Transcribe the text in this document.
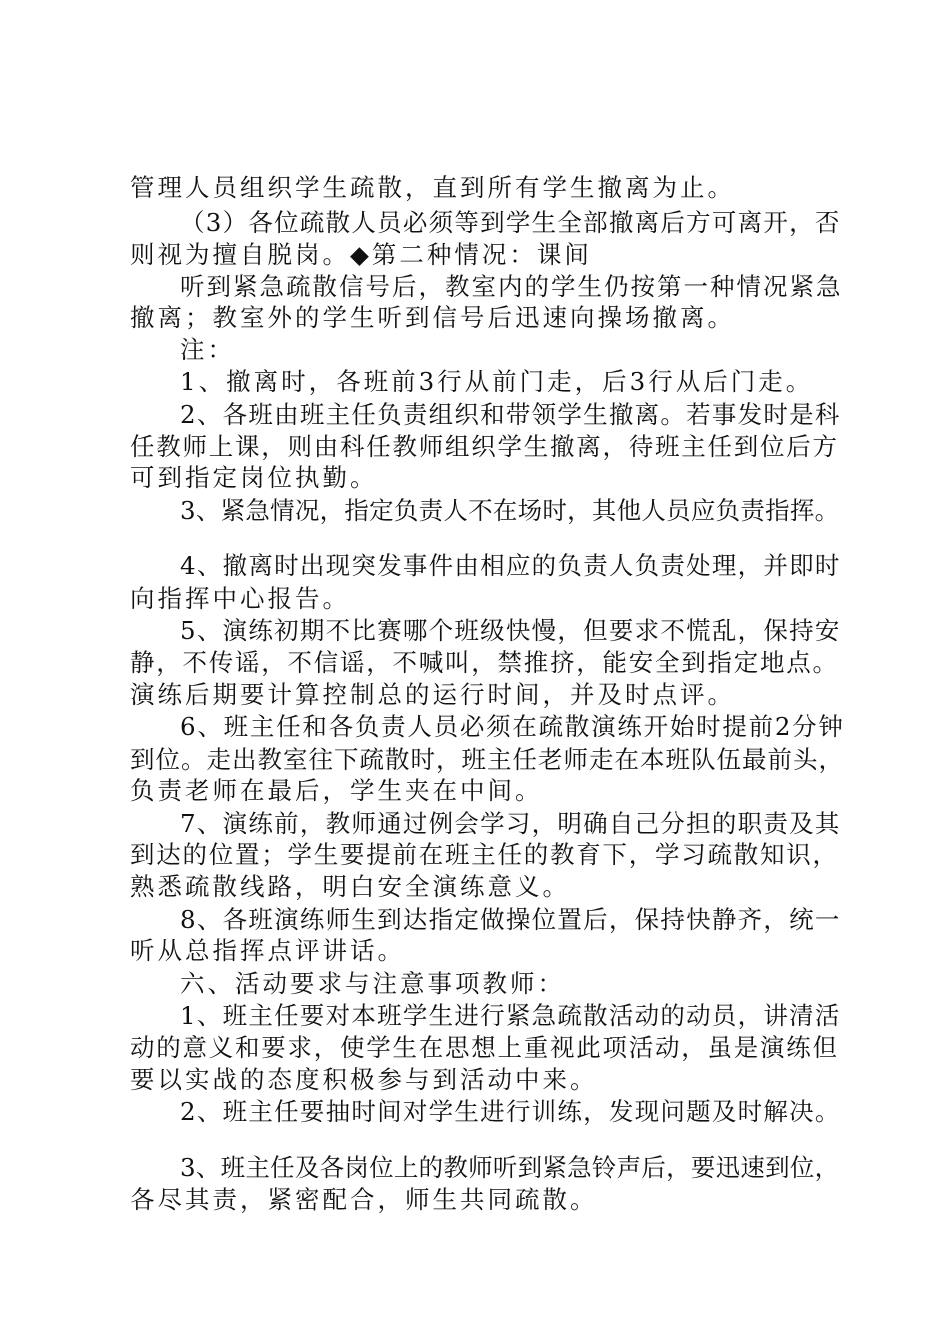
管理人员组织学生疏散，直到所有学生撤离为止。
（3）各位疏散人员必须等到学生全部撤离后方可离开，否
则视为擅自脱岗。◆第二种情况：课间
听到紧急疏散信号后，教室内的学生仍按第一种情况紧急
撤离；教室外的学生听到信号后迅速向操场撤离。
注：
1、撤离时，各班前3行从前门走，后3行从后门走。
2、各班由班主任负责组织和带领学生撤离。若事发时是科
任教师上课，则由科任教师组织学生撤离，待班主任到位后方
可到指定岗位执勤。
3、紧急情况，指定负责人不在场时，其他人员应负责指挥。
4、撤离时出现突发事件由相应的负责人负责处理，并即时
向指挥中心报告。
5、演练初期不比赛哪个班级快慢，但要求不慌乱，保持安
静，不传谣，不信谣，不喊叫，禁推挤，能安全到指定地点。
演练后期要计算控制总的运行时间，并及时点评。
6、班主任和各负责人员必须在疏散演练开始时提前2分钟
到位。走出教室往下疏散时，班主任老师走在本班队伍最前头，
负责老师在最后，学生夹在中间。
7、演练前，教师通过例会学习，明确自己分担的职责及其
到达的位置；学生要提前在班主任的教育下，学习疏散知识，
熟悉疏散线路，明白安全演练意义。
8、各班演练师生到达指定做操位置后，保持快静齐，统一
听从总指挥点评讲话。
六、活动要求与注意事项教师：
1、班主任要对本班学生进行紧急疏散活动的动员，讲清活
动的意义和要求，使学生在思想上重视此项活动，虽是演练但
要以实战的态度积极参与到活动中来。
2、班主任要抽时间对学生进行训练，发现问题及时解决。
3、班主任及各岗位上的教师听到紧急铃声后，要迅速到位，
各尽其责，紧密配合，师生共同疏散。
